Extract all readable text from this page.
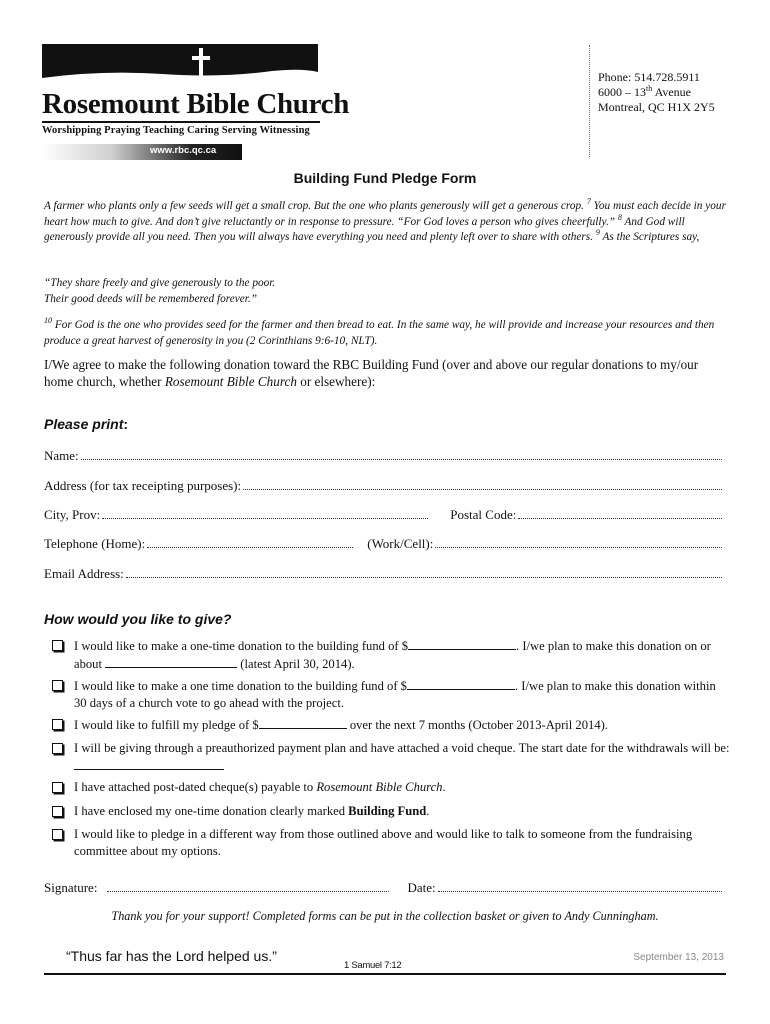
Rosemount Bible Church
Worshipping Praying Teaching Caring Serving Witnessing
www.rbc.qc.ca
Phone: 514.728.5911
6000 – 13th Avenue
Montreal, QC H1X 2Y5
Building Fund Pledge Form
A farmer who plants only a few seeds will get a small crop. But the one who plants generously will get a generous crop. $^7$ You must each decide in your heart how much to give. And don’t give reluctantly or in response to pressure. “For God loves a person who gives cheerfully.” $^8$ And God will generously provide all you need. Then you will always have everything you need and plenty left over to share with others. $^9$ As the Scriptures say,
“They share freely and give generously to the poor.
Their good deeds will be remembered forever.”
$^{10}$ For God is the one who provides seed for the farmer and then bread to eat. In the same way, he will provide and increase your resources and then produce a great harvest of generosity in you (2 Corinthians 9:6-10, NLT).
I/We agree to make the following donation toward the RBC Building Fund (over and above our regular donations to my/our home church, whether Rosemount Bible Church or elsewhere):
Please print:
Name:
Address (for tax receipting purposes):
City, Prov:	Postal Code:
Telephone (Home):	(Work/Cell):
Email Address:
How would you like to give?
I would like to make a one-time donation to the building fund of $	. I/we plan to make this donation on or about	(latest April 30, 2014).
I would like to make a one time donation to the building fund of $	. I/we plan to make this donation within 30 days of a church vote to go ahead with the project.
I would like to fulfill my pledge of $	over the next 7 months (October 2013-April 2014).
I will be giving through a preauthorized payment plan and have attached a void cheque. The start date for the withdrawals will be:
I have attached post-dated cheque(s) payable to Rosemount Bible Church.
I have enclosed my one-time donation clearly marked Building Fund.
I would like to pledge in a different way from those outlined above and would like to talk to someone from the fundraising committee about my options.
Signature:	Date:
Thank you for your support! Completed forms can be put in the collection basket or given to Andy Cunningham.
“Thus far has the Lord helped us.”
1 Samuel 7:12
September 13, 2013
